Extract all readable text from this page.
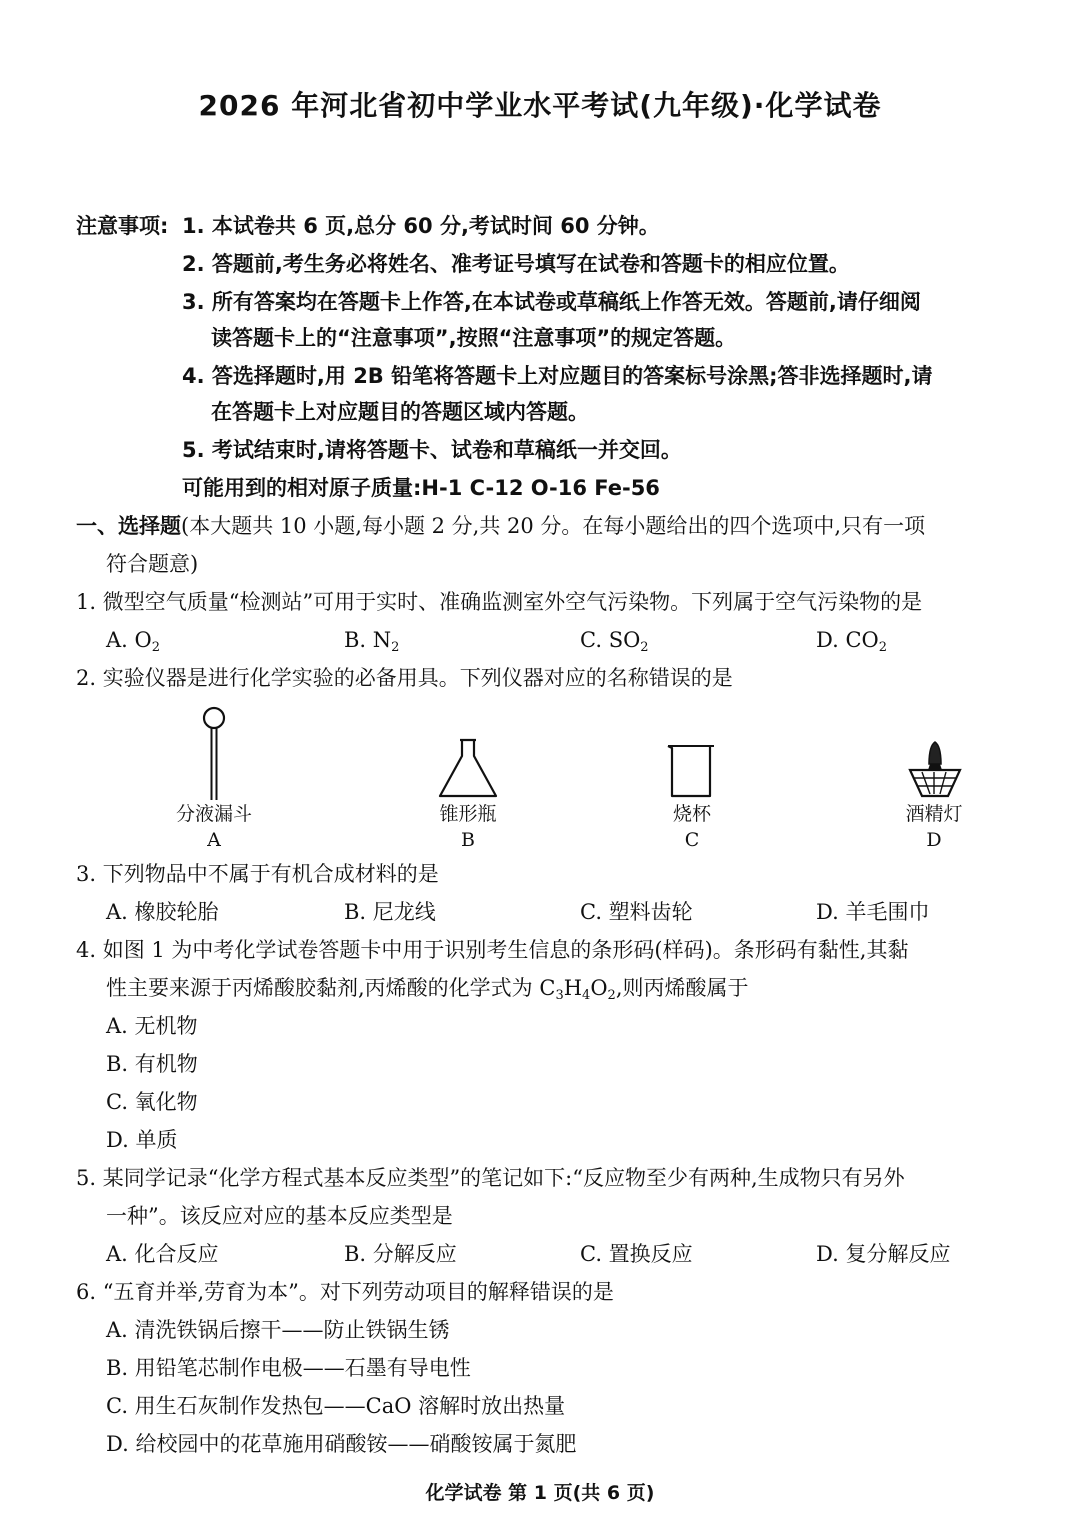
2026 年河北省初中学业水平考试(九年级)·化学试卷
注意事项: 1. 本试卷共 6 页,总分 60 分,考试时间 60 分钟。
2. 答题前,考生务必将姓名、准考证号填写在试卷和答题卡的相应位置。
3. 所有答案均在答题卡上作答,在本试卷或草稿纸上作答无效。答题前,请仔细阅
读答题卡上的“注意事项”,按照“注意事项”的规定答题。
4. 答选择题时,用 2B 铅笔将答题卡上对应题目的答案标号涂黑;答非选择题时,请
在答题卡上对应题目的答题区域内答题。
5. 考试结束时,请将答题卡、试卷和草稿纸一并交回。
可能用到的相对原子质量:H-1 C-12 O-16 Fe-56
一、选择题(本大题共 10 小题,每小题 2 分,共 20 分。在每小题给出的四个选项中,只有一项
符合题意)
1. 微型空气质量“检测站”可用于实时、准确监测室外空气污染物。下列属于空气污染物的是
A. $O_2$	B. $N_2$	C. $SO_2$	D. $CO_2$
2. 实验仪器是进行化学实验的必备用具。下列仪器对应的名称错误的是
分液漏斗
A
锥形瓶
B
烧杯
C
酒精灯
D
3. 下列物品中不属于有机合成材料的是
A. 橡胶轮胎	B. 尼龙线	C. 塑料齿轮	D. 羊毛围巾
4. 如图 1 为中考化学试卷答题卡中用于识别考生信息的条形码(样码)。条形码有黏性,其黏
性主要来源于丙烯酸胶黏剂,丙烯酸的化学式为 $C_3H_4O_2$,则丙烯酸属于
A. 无机物
B. 有机物
C. 氧化物
D. 单质
5. 某同学记录“化学方程式基本反应类型”的笔记如下:“反应物至少有两种,生成物只有另外
一种”。该反应对应的基本反应类型是
A. 化合反应	B. 分解反应	C. 置换反应	D. 复分解反应
6. “五育并举,劳育为本”。对下列劳动项目的解释错误的是
A. 清洗铁锅后擦干——防止铁锅生锈
B. 用铅笔芯制作电极——石墨有导电性
C. 用生石灰制作发热包——CaO 溶解时放出热量
D. 给校园中的花草施用硝酸铵——硝酸铵属于氮肥
化学试卷 第 1 页(共 6 页)
